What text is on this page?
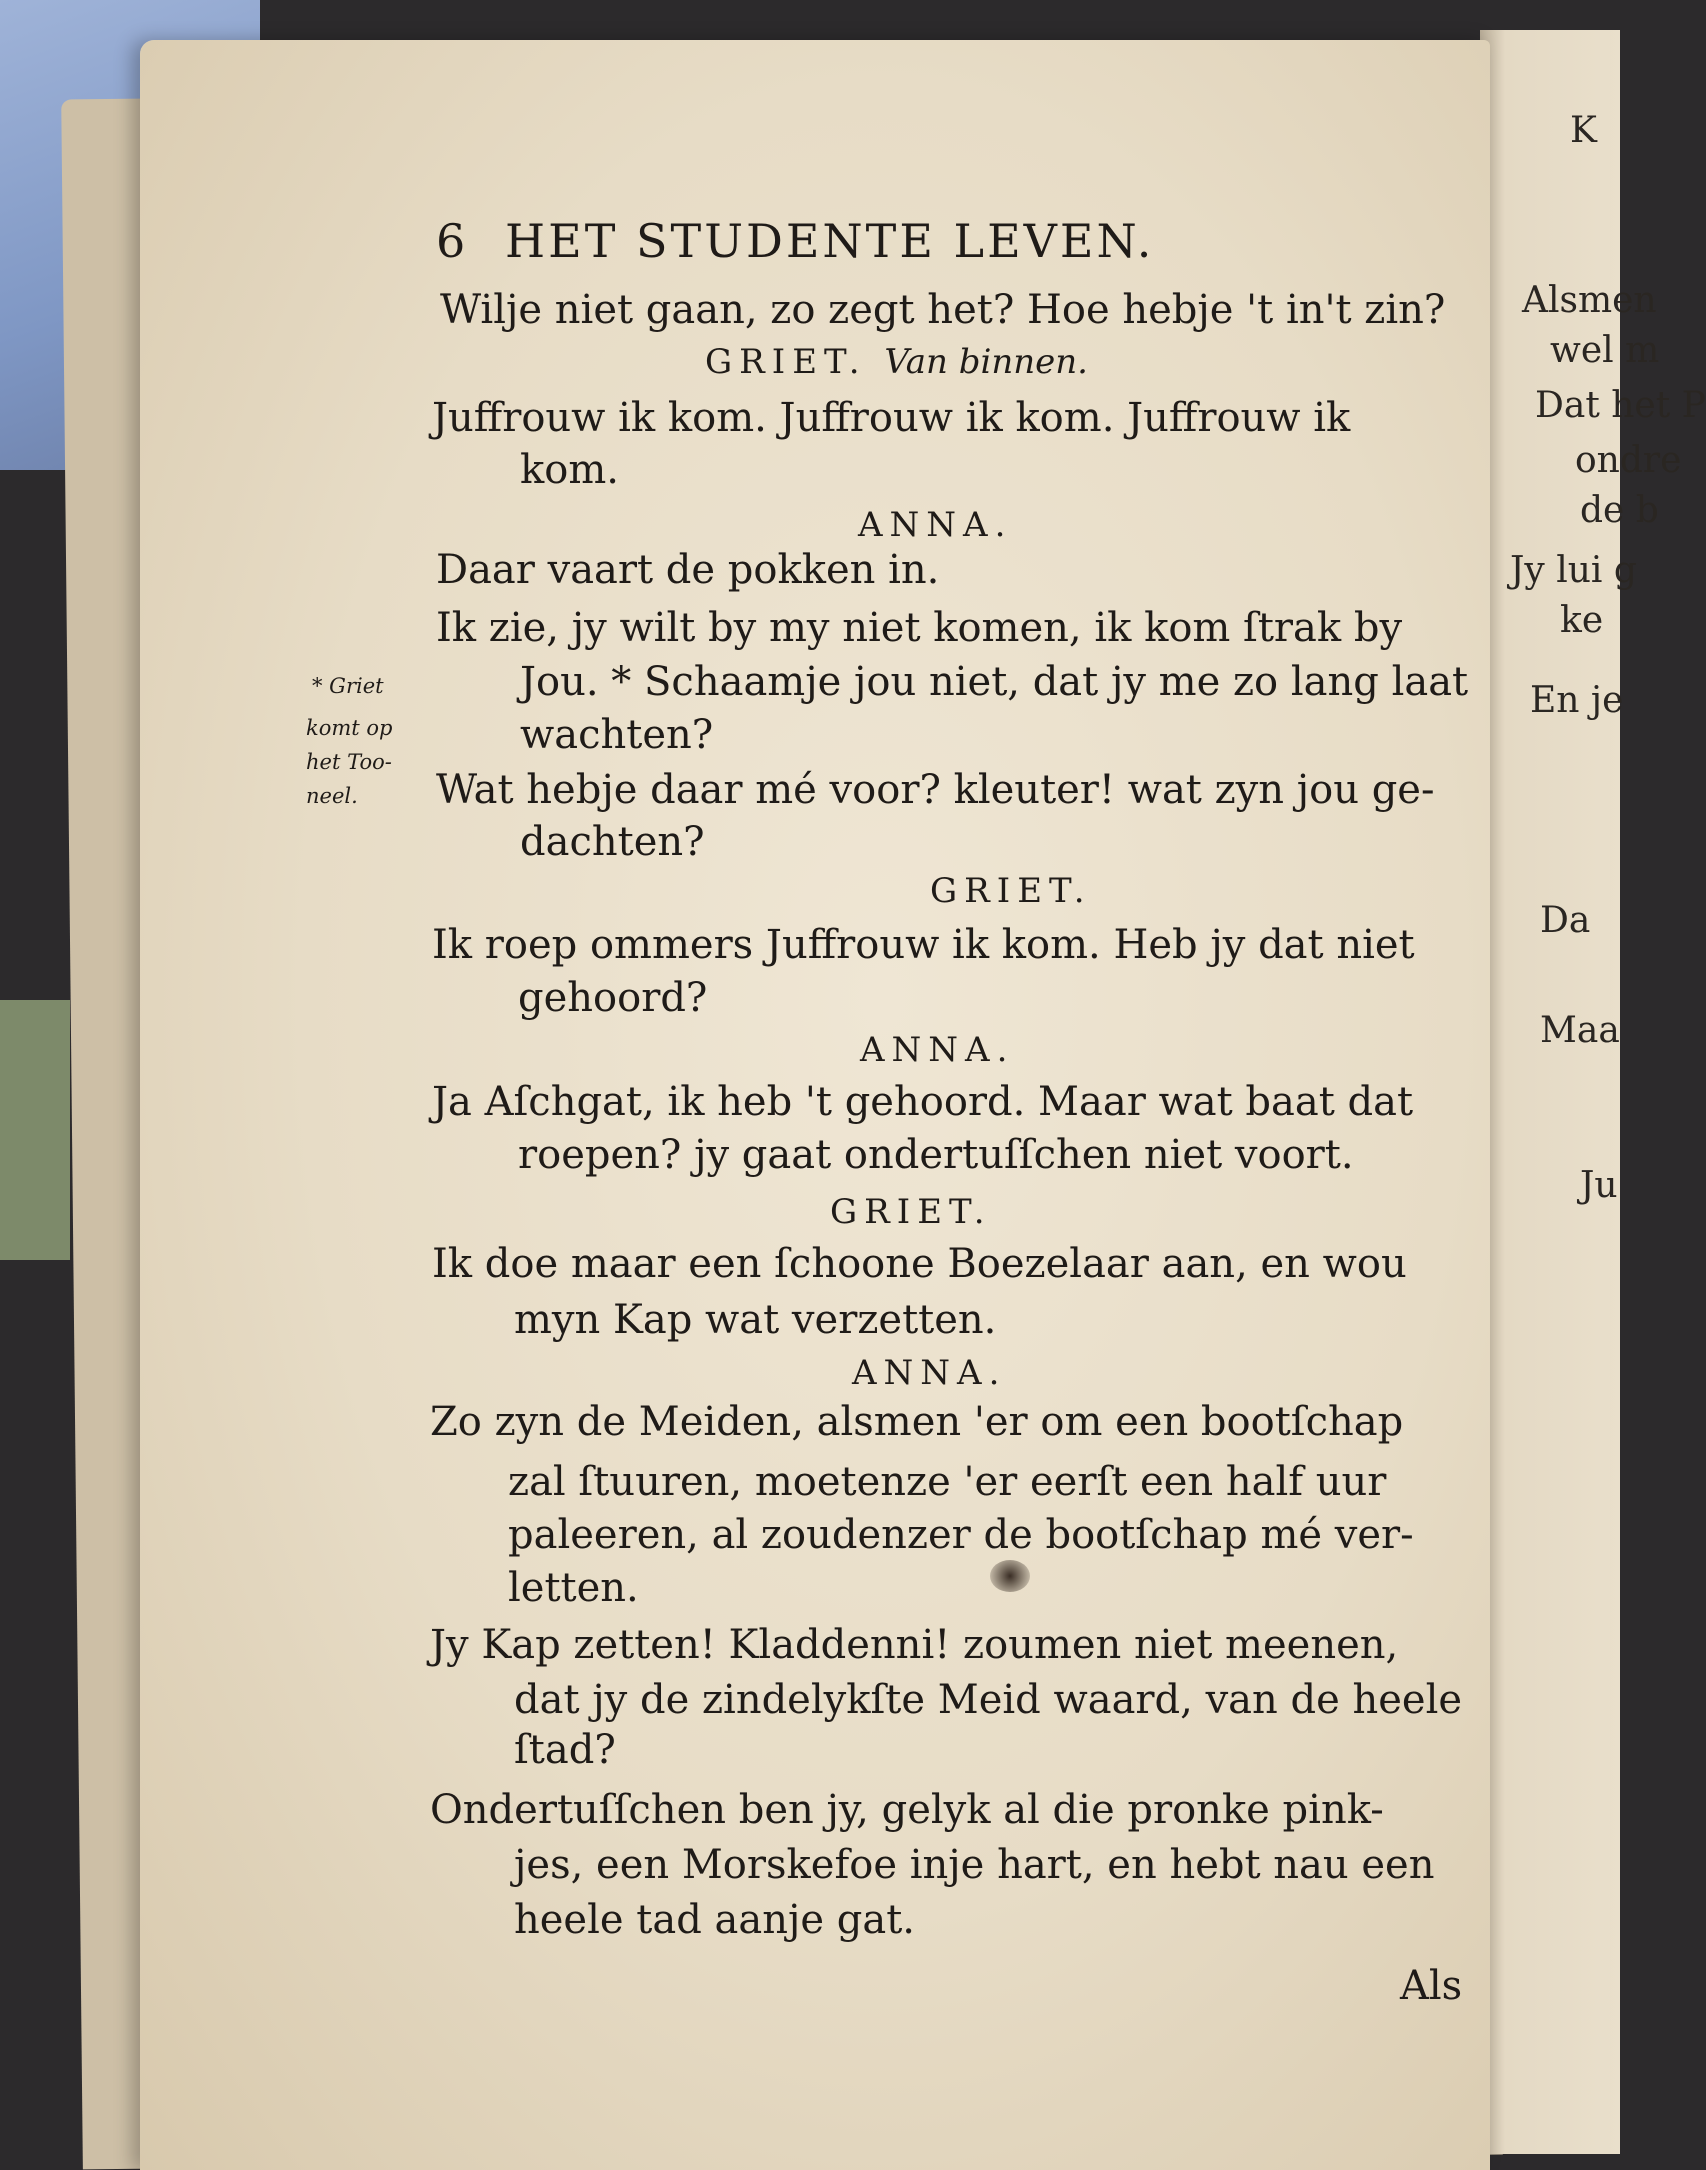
K
Alsmen
wel m
Dat het P
ondre
de b
Jy lui g
ke
En je
Da
Maa
Ju
6 HET STUDENTE LEVEN.
Wilje niet gaan, zo zegt het? Hoe hebje 't in't zin?
GRIET. Van binnen.
Juffrouw ik kom. Juffrouw ik kom. Juffrouw ik
kom.
ANNA.
Daar vaart de pokken in.
Ik zie, jy wilt by my niet komen, ik kom ſtrak by
Jou. * Schaamje jou niet, dat jy me zo lang laat
wachten?
* Griet
komt op
het Too-
neel. Wat hebje daar mé voor? kleuter! wat zyn jou ge-
dachten?
GRIET.
Ik roep ommers Juffrouw ik kom. Heb jy dat niet
gehoord?
ANNA.
Ja Aſchgat, ik heb 't gehoord. Maar wat baat dat
roepen? jy gaat ondertuſſchen niet voort.
GRIET.
Ik doe maar een ſchoone Boezelaar aan, en wou
myn Kap wat verzetten.
ANNA.
Zo zyn de Meiden, alsmen 'er om een bootſchap
zal ſtuuren, moetenze 'er eerſt een half uur
paleeren, al zoudenzer de bootſchap mé ver-
letten.
Jy Kap zetten! Kladdenni! zoumen niet meenen,
dat jy de zindelykſte Meid waard, van de heele
ſtad?
Ondertuſſchen ben jy, gelyk al die pronke pink-
jes, een Morskefoe inje hart, en hebt nau een
heele tad aanje gat.
Als
